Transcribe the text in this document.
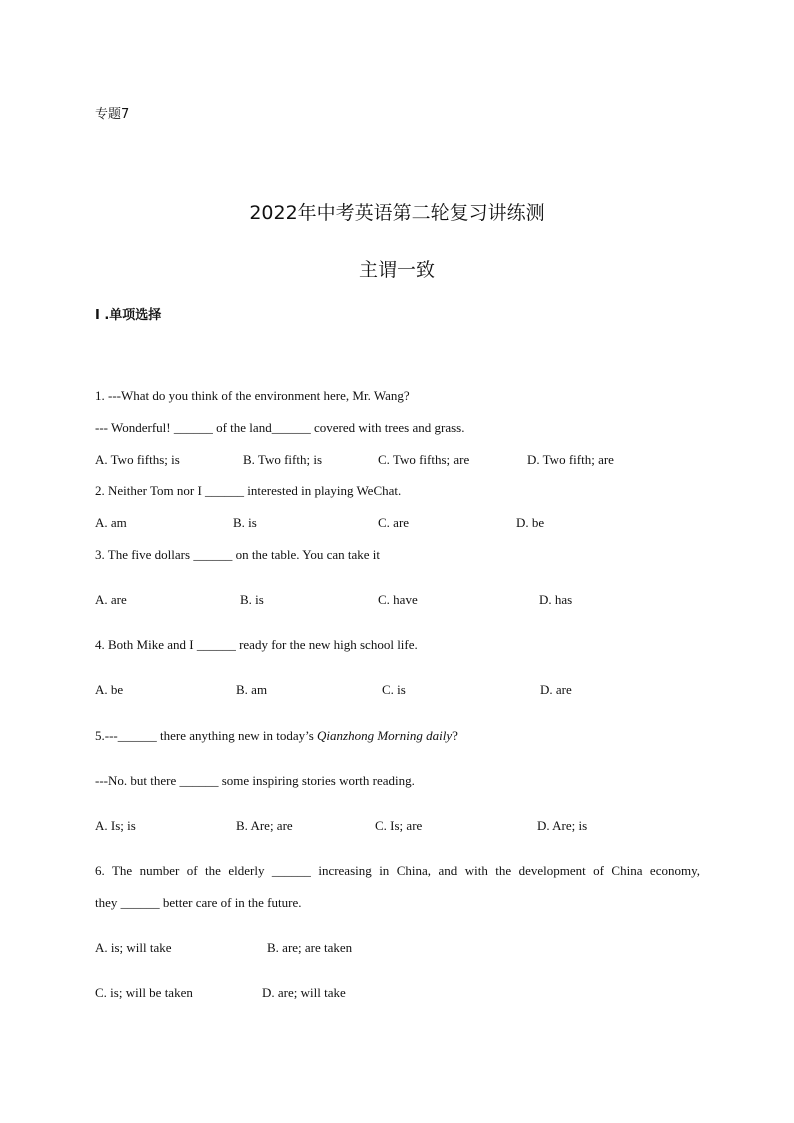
专题7
2022年中考英语第二轮复习讲练测
主谓一致
I .单项选择
1. ---What do you think of the environment here, Mr. Wang?
--- Wonderful! ______ of the land______ covered with trees and grass.
A. Two fifths; is	B. Two fifth; is	C. Two fifths; are	D. Two fifth; are
2. Neither Tom nor I ______ interested in playing WeChat.
A. am	B. is	C. are	D. be
3. The five dollars ______ on the table. You can take it
A. are	B. is	C. have	D. has
4. Both Mike and I ______ ready for the new high school life.
A. be	B. am	C. is	D. are
5.---______ there anything new in today’s Qianzhong Morning daily?
---No. but there ______ some inspiring stories worth reading.
A. Is; is	B. Are; are	C. Is; are	D. Are; is
6. The number of the elderly ______ increasing in China, and with the development of China economy,
they ______ better care of in the future.
A. is; will take	B. are; are taken
C. is; will be taken	D. are; will take
